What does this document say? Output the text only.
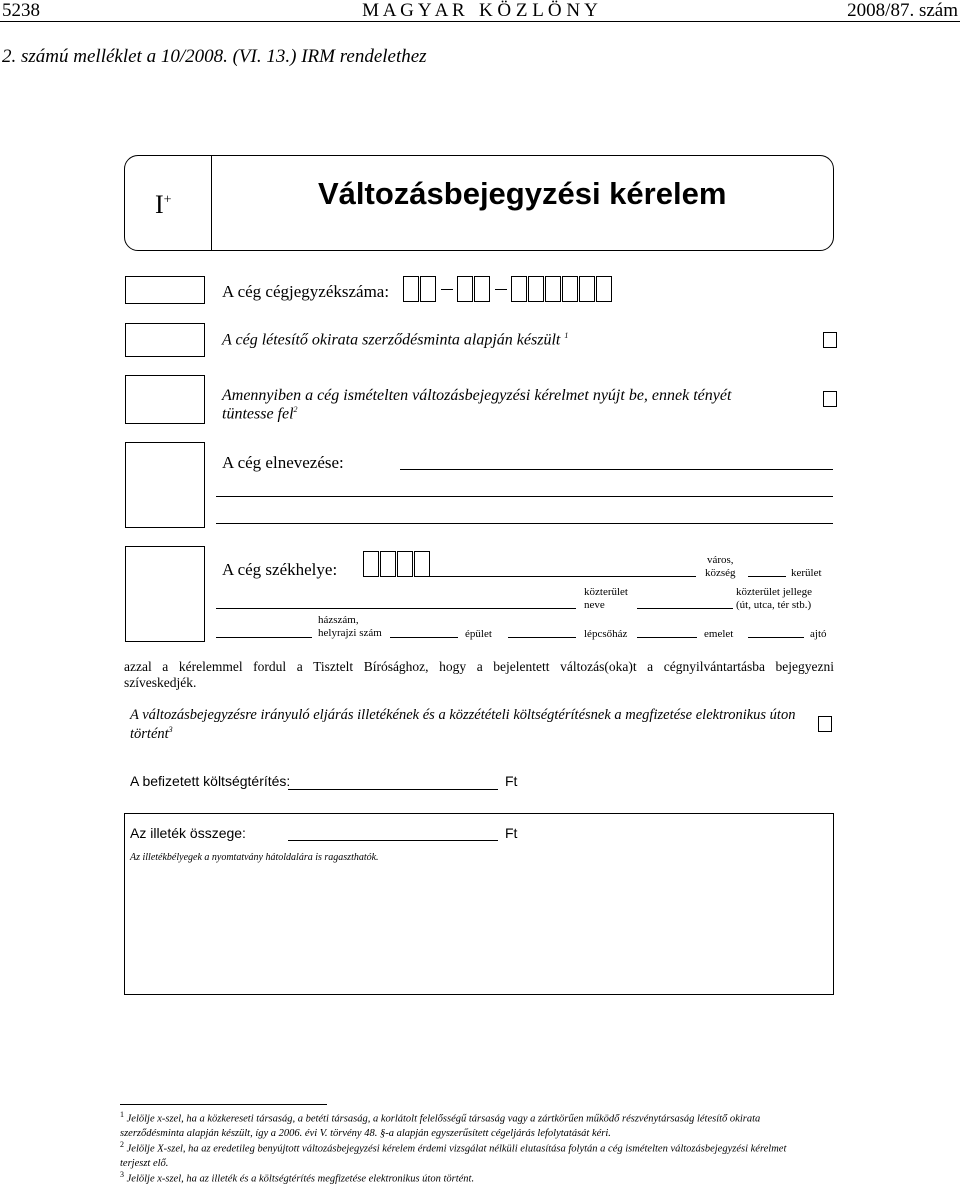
5238	M A G Y A R   K Ö Z L Ö N Y	2008/87. szám
2. számú melléklet a 10/2008. (VI. 13.) IRM rendelethez
I+	Változásbejegyzési kérelem
A cég cégjegyzékszáma:
A cég létesítő okirata szerződésminta alapján készült $^1$
Amennyiben a cég ismételten változásbejegyzési kérelmet nyújt be, ennek tényét
tüntesse fel$^2$
A cég elnevezése:
A cég székhelye:	város,
község	kerület
közterület
neve
közterület jellege
(út, utca, tér stb.)
házszám,
helyrajzi szám	épület	lépcsőház	emelet	ajtó
azzal a kérelemmel fordul a Tisztelt Bírósághoz, hogy a bejelentett változás(oka)t a cégnyilvántartásba bejegyezni
szíveskedjék.
A változásbejegyzésre irányuló eljárás illetékének és a közzétételi költségtérítésnek a megfizetése elektronikus úton
történt$^3$
A befizetett költségtérítés:	Ft
Az illeték összege:	Ft
Az illetékbélyegek a nyomtatvány hátoldalára is ragaszthatók.
$^1$ Jelölje x-szel, ha a közkereseti társaság, a betéti társaság, a korlátolt felelősségű társaság vagy a zártkörűen működő részvénytársaság létesítő okirata
szerződésminta alapján készült, így a 2006. évi V. törvény 48. §-a alapján egyszerűsített cégeljárás lefolytatását kéri.
$^2$ Jelölje X-szel, ha az eredetileg benyújtott változásbejegyzési kérelem érdemi vizsgálat nélküli elutasítása folytán a cég ismételten változásbejegyzési kérelmet
terjeszt elő.
$^3$ Jelölje x-szel, ha az illeték és a költségtérítés megfizetése elektronikus úton történt.
